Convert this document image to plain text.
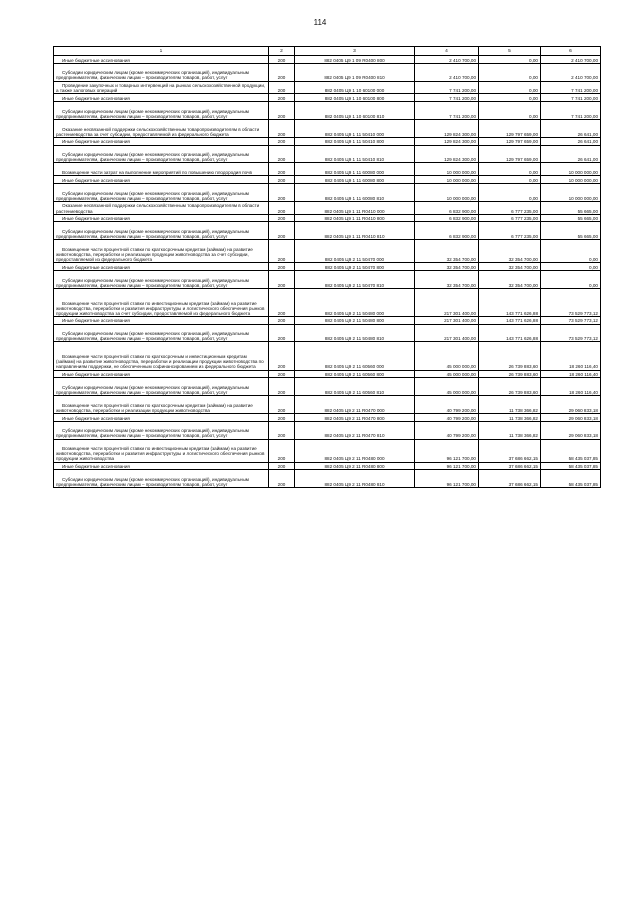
114
1	2	3	4	5	6
Иные бюджетные ассигнования	200	882 0405 Ц9 1 09 R0400 800	2 410 700,00	0,00	2 410 700,00
Субсидии юридическим лицам (кроме некоммерческих организаций), индивидуальным предпринимателям, физическим лицам – производителям товаров, работ, услуг	200	882 0405 Ц9 1 09 R0400 810	2 410 700,00	0,00	2 410 700,00
Проведение закупочных и товарных интервенций на рынках сельскохозяйственной продукции, а также залоговых операций	200	882 0405 Ц9 1 10 60100 000	7 741 200,00	0,00	7 741 200,00
Иные бюджетные ассигнования	200	882 0405 Ц9 1 10 60100 800	7 741 200,00	0,00	7 741 200,00
Субсидии юридическим лицам (кроме некоммерческих организаций), индивидуальным предпринимателям, физическим лицам – производителям товаров, работ, услуг	200	882 0405 Ц9 1 10 60100 810	7 741 200,00	0,00	7 741 200,00
Оказание несвязанной поддержки сельскохозяйственным товаропроизводителям в области растениеводства за счет субсидии, предоставляемой из федерального бюджета	200	882 0405 Ц9 1 11 50410 000	129 824 300,00	129 797 659,00	26 641,00
Иные бюджетные ассигнования	200	882 0405 Ц9 1 11 50410 800	129 824 300,00	129 797 659,00	26 641,00
Субсидии юридическим лицам (кроме некоммерческих организаций), индивидуальным предпринимателям, физическим лицам – производителям товаров, работ, услуг	200	882 0405 Ц9 1 11 50410 810	129 824 300,00	129 797 659,00	26 641,00
Возмещение части затрат на выполнение мероприятий по повышению плодородия почв	200	882 0405 Ц9 1 11 60080 000	10 000 000,00	0,00	10 000 000,00
Иные бюджетные ассигнования	200	882 0405 Ц9 1 11 60080 800	10 000 000,00	0,00	10 000 000,00
Субсидии юридическим лицам (кроме некоммерческих организаций), индивидуальным предпринимателям, физическим лицам – производителям товаров, работ, услуг	200	882 0405 Ц9 1 11 60080 810	10 000 000,00	0,00	10 000 000,00
Оказание несвязанной поддержки сельскохозяйственным товаропроизводителям в области растениеводства	200	882 0405 Ц9 1 11 R0410 000	6 832 900,00	6 777 235,00	55 665,00
Иные бюджетные ассигнования	200	882 0405 Ц9 1 11 R0410 800	6 832 900,00	6 777 235,00	55 665,00
Субсидии юридическим лицам (кроме некоммерческих организаций), индивидуальным предпринимателям, физическим лицам – производителям товаров, работ, услуг	200	882 0405 Ц9 1 11 R0410 810	6 832 900,00	6 777 235,00	55 665,00
Возмещение части процентной ставки по краткосрочным кредитам (займам) на развитие животноводства, переработки и реализации продукции животноводства за счет субсидии, предоставляемой из федерального бюджета	200	882 0405 Ц9 2 11 50470 000	32 354 700,00	32 354 700,00	0,00
Иные бюджетные ассигнования	200	882 0405 Ц9 2 11 50470 800	32 354 700,00	32 354 700,00	0,00
Субсидии юридическим лицам (кроме некоммерческих организаций), индивидуальным предпринимателям, физическим лицам – производителям товаров, работ, услуг	200	882 0405 Ц9 2 11 50470 810	32 354 700,00	32 354 700,00	0,00
Возмещение части процентной ставки по инвестиционным кредитам (займам) на развитие животноводства, переработки и развития инфраструктуры и логистического обеспечения рынков продукции животноводства за счет субсидии, предоставляемой из федерального бюджета	200	882 0405 Ц9 2 11 50480 000	217 301 400,00	143 771 626,88	73 529 773,12
Иные бюджетные ассигнования	200	882 0405 Ц9 2 11 50480 800	217 301 400,00	143 771 626,88	73 529 773,12
Субсидии юридическим лицам (кроме некоммерческих организаций), индивидуальным предпринимателям, физическим лицам – производителям товаров, работ, услуг	200	882 0405 Ц9 2 11 50480 810	217 301 400,00	143 771 626,88	73 529 773,12
Возмещение части процентной ставки по краткосрочным и инвестиционным кредитам (займам) на развитие животноводства, переработки и реализации продукции животноводства по направлениям поддержки, не обеспеченным софинансированием из федерального бюджета	200	882 0405 Ц9 2 11 60560 000	45 000 000,00	26 739 883,60	18 260 116,40
Иные бюджетные ассигнования	200	882 0405 Ц9 2 11 60560 800	45 000 000,00	26 739 883,60	18 260 116,40
Субсидии юридическим лицам (кроме некоммерческих организаций), индивидуальным предпринимателям, физическим лицам – производителям товаров, работ, услуг	200	882 0405 Ц9 2 11 60560 810	45 000 000,00	26 739 883,60	18 260 116,40
Возмещение части процентной ставки по краткосрочным кредитам (займам) на развитие животноводства, переработки и реализации продукции животноводства	200	882 0405 Ц9 2 11 R0470 000	40 799 200,00	11 738 366,82	29 060 833,18
Иные бюджетные ассигнования	200	882 0405 Ц9 2 11 R0470 800	40 799 200,00	11 738 366,82	29 060 833,18
Субсидии юридическим лицам (кроме некоммерческих организаций), индивидуальным предпринимателям, физическим лицам – производителям товаров, работ, услуг	200	882 0405 Ц9 2 11 R0470 810	40 799 200,00	11 738 366,82	29 060 833,18
Возмещение части процентной ставки по инвестиционным кредитам (займам) на развитие животноводства, переработки и развития инфраструктуры и логистического обеспечения рынков продукции животноводства	200	882 0405 Ц9 2 11 R0480 000	96 121 700,00	37 686 662,15	58 435 037,85
Иные бюджетные ассигнования	200	882 0405 Ц9 2 11 R0480 800	96 121 700,00	37 686 662,15	58 435 037,85
Субсидии юридическим лицам (кроме некоммерческих организаций), индивидуальным предпринимателям, физическим лицам – производителям товаров, работ, услуг	200	882 0405 Ц9 2 11 R0480 810	96 121 700,00	37 686 662,15	58 435 037,85
